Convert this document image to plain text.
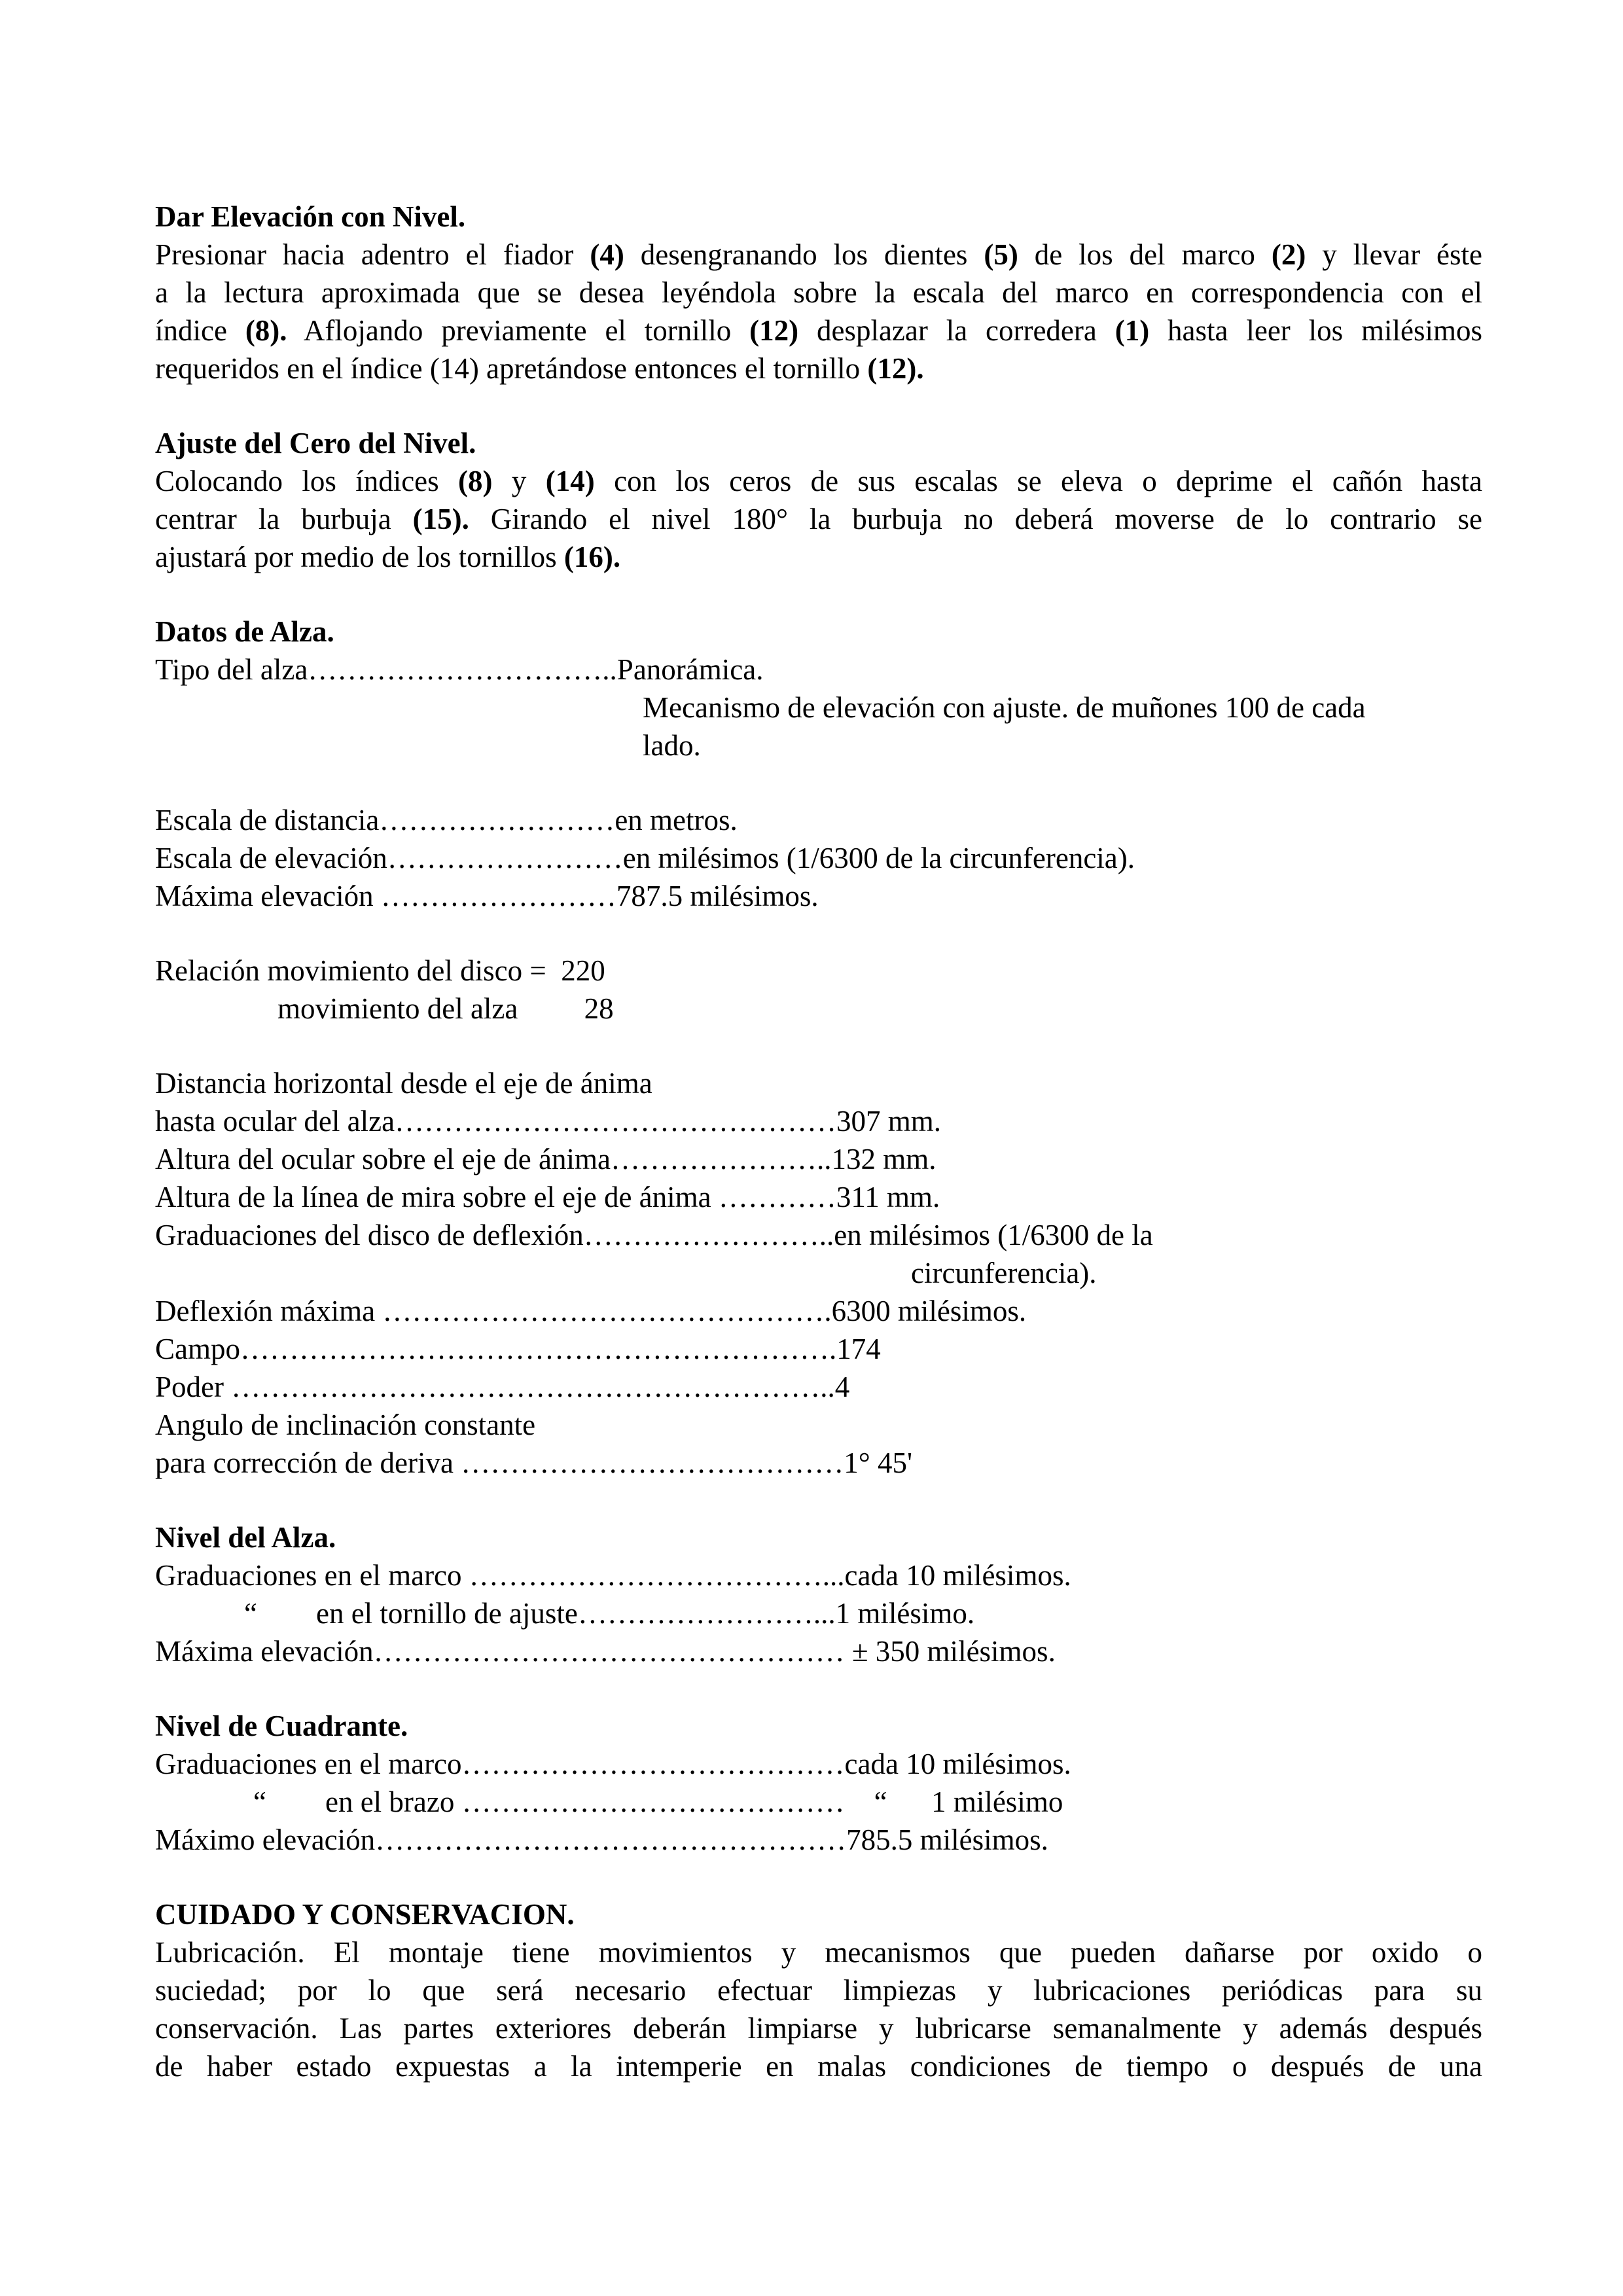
Dar Elevación con Nivel.
Presionar hacia adentro el fiador (4) desengranando los dientes (5) de los del marco (2) y llevar éste
a la lectura aproximada que se desea leyéndola sobre la escala del marco en correspondencia con el
índice (8). Aflojando previamente el tornillo (12) desplazar la corredera (1) hasta leer los milésimos
requeridos en el índice (14) apretándose entonces el tornillo (12).
Ajuste del Cero del Nivel.
Colocando los índices (8) y (14) con los ceros de sus escalas se eleva o deprime el cañón hasta
centrar la burbuja (15). Girando el nivel 180° la burbuja no deberá moverse de lo contrario se
ajustará por medio de los tornillos (16).
Datos de Alza.
Tipo del alza…………………………..Panorámica.
Mecanismo de elevación con ajuste. de muñones 100 de cada
lado.
Escala de distancia……………………en metros.
Escala de elevación……………………en milésimos (1/6300 de la circunferencia).
Máxima elevación ……………………787.5 milésimos.
Relación movimiento del disco =  220
movimiento del alza         28
Distancia horizontal desde el eje de ánima
hasta ocular del alza………………………………………307 mm.
Altura del ocular sobre el eje de ánima…………………..132 mm.
Altura de la línea de mira sobre el eje de ánima …………311 mm.
Graduaciones del disco de deflexión……………………..en milésimos (1/6300 de la
circunferencia).
Deflexión máxima ……………………………………….6300 milésimos.
Campo…………………………………………………….174
Poder ……………………………………………………..4
Angulo de inclinación constante
para corrección de deriva …………………………………1° 45'
Nivel del Alza.
Graduaciones en el marco ………………………………...cada 10 milésimos.
“        en el tornillo de ajuste……………………...1 milésimo.
Máxima elevación………………………………………… ± 350 milésimos.
Nivel de Cuadrante.
Graduaciones en el marco…………………………………cada 10 milésimos.
“        en el brazo …………………………………    “      1 milésimo
Máximo elevación…………………………………………785.5 milésimos.
CUIDADO Y CONSERVACION.
Lubricación. El montaje tiene movimientos y mecanismos que pueden dañarse por oxido o
suciedad; por lo que será necesario efectuar limpiezas y lubricaciones periódicas para su
conservación. Las partes exteriores deberán limpiarse y lubricarse semanalmente y además después
de haber estado expuestas a la intemperie en malas condiciones de tiempo o después de una
